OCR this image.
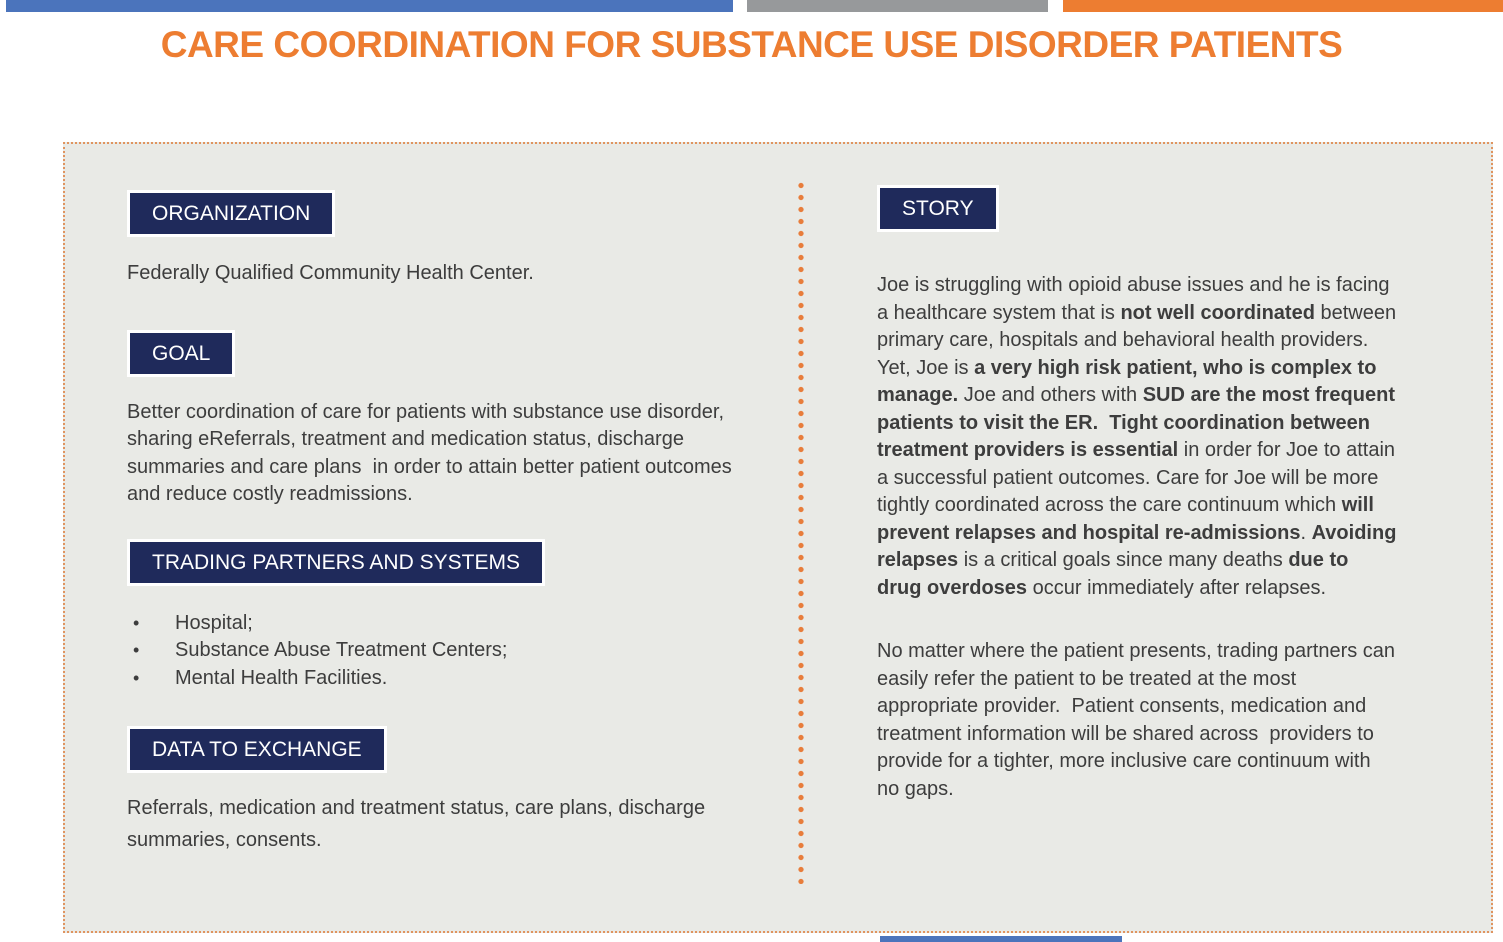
CARE COORDINATION FOR SUBSTANCE USE DISORDER PATIENTS
ORGANIZATION
Federally Qualified Community Health Center.
GOAL
Better coordination of care for patients with substance use disorder, sharing eReferrals, treatment and medication status, discharge summaries and care plans  in order to attain better patient outcomes and reduce costly readmissions.
TRADING PARTNERS AND SYSTEMS
• Hospital;
• Substance Abuse Treatment Centers;
• Mental Health Facilities.
DATA TO EXCHANGE
Referrals, medication and treatment status, care plans, discharge summaries, consents.
STORY
Joe is struggling with opioid abuse issues and he is facing a healthcare system that is not well coordinated between primary care, hospitals and behavioral health providers.  Yet, Joe is a very high risk patient, who is complex to manage. Joe and others with SUD are the most frequent patients to visit the ER.  Tight coordination between treatment providers is essential in order for Joe to attain a successful patient outcomes. Care for Joe will be more tightly coordinated across the care continuum which will prevent relapses and hospital re-admissions. Avoiding relapses is a critical goals since many deaths due to drug overdoses occur immediately after relapses.
No matter where the patient presents, trading partners can easily refer the patient to be treated at the most appropriate provider.  Patient consents, medication and treatment information will be shared across  providers to provide for a tighter, more inclusive care continuum with no gaps.
